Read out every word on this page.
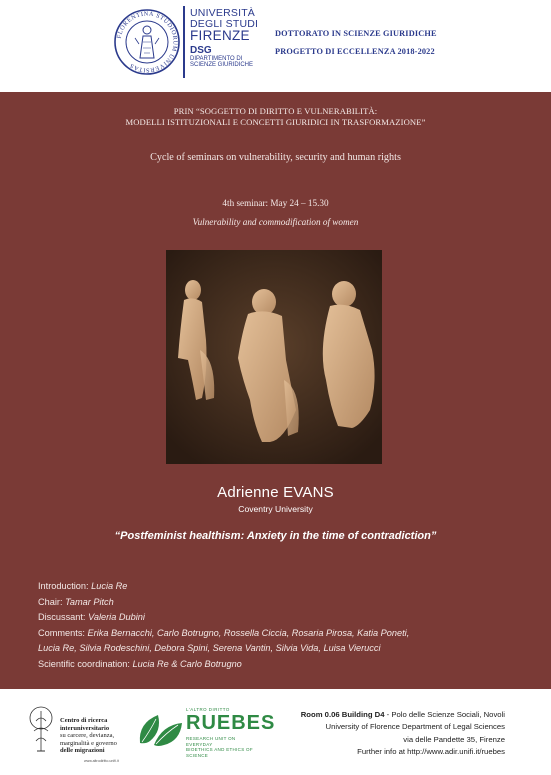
FLORENTINA STUDIORUM UNIVERSITAS
UNIVERSITÀ
DEGLI STUDI
FIRENZE
DSG
DIPARTIMENTO DI
SCIENZE GIURIDICHE
DOTTORATO IN SCIENZE GIURIDICHE
PROGETTO DI ECCELLENZA 2018-2022
PRIN “SOGGETTO DI DIRITTO E VULNERABILITÀ:
MODELLI ISTITUZIONALI E CONCETTI GIURIDICI IN TRASFORMAZIONE”
Cycle of seminars on vulnerability, security and human rights
4th seminar: May 24 – 15.30
Vulnerability and commodification of women
Adrienne EVANS
Coventry University
“Postfeminist healthism: Anxiety in the time of contradiction”
Introduction: Lucia Re
Chair: Tamar Pitch
Discussant: Valeria Dubini
Comments: Erika Bernacchi, Carlo Botrugno, Rossella Ciccia, Rosaria Pirosa, Katia Poneti,
Lucia Re, Silvia Rodeschini, Debora Spini, Serena Vantin, Silvia Vida, Luisa Vierucci
Scientific coordination: Lucia Re & Carlo Botrugno
Centro di ricerca
interuniversitario
su carcere, devianza,
marginalità e governo
delle migrazioni
www.altrodiritto.unifi.it
L'ALTRO DIRITTO
RUEBES
RESEARCH UNIT ON EVERYDAY
BIOETHICS AND ETHICS OF SCIENCE
Room 0.06 Building D4 - Polo delle Scienze Sociali, Novoli
University of Florence Department of Legal Sciences
via delle Pandette 35, Firenze
Further info at http://www.adir.unifi.it/ruebes
